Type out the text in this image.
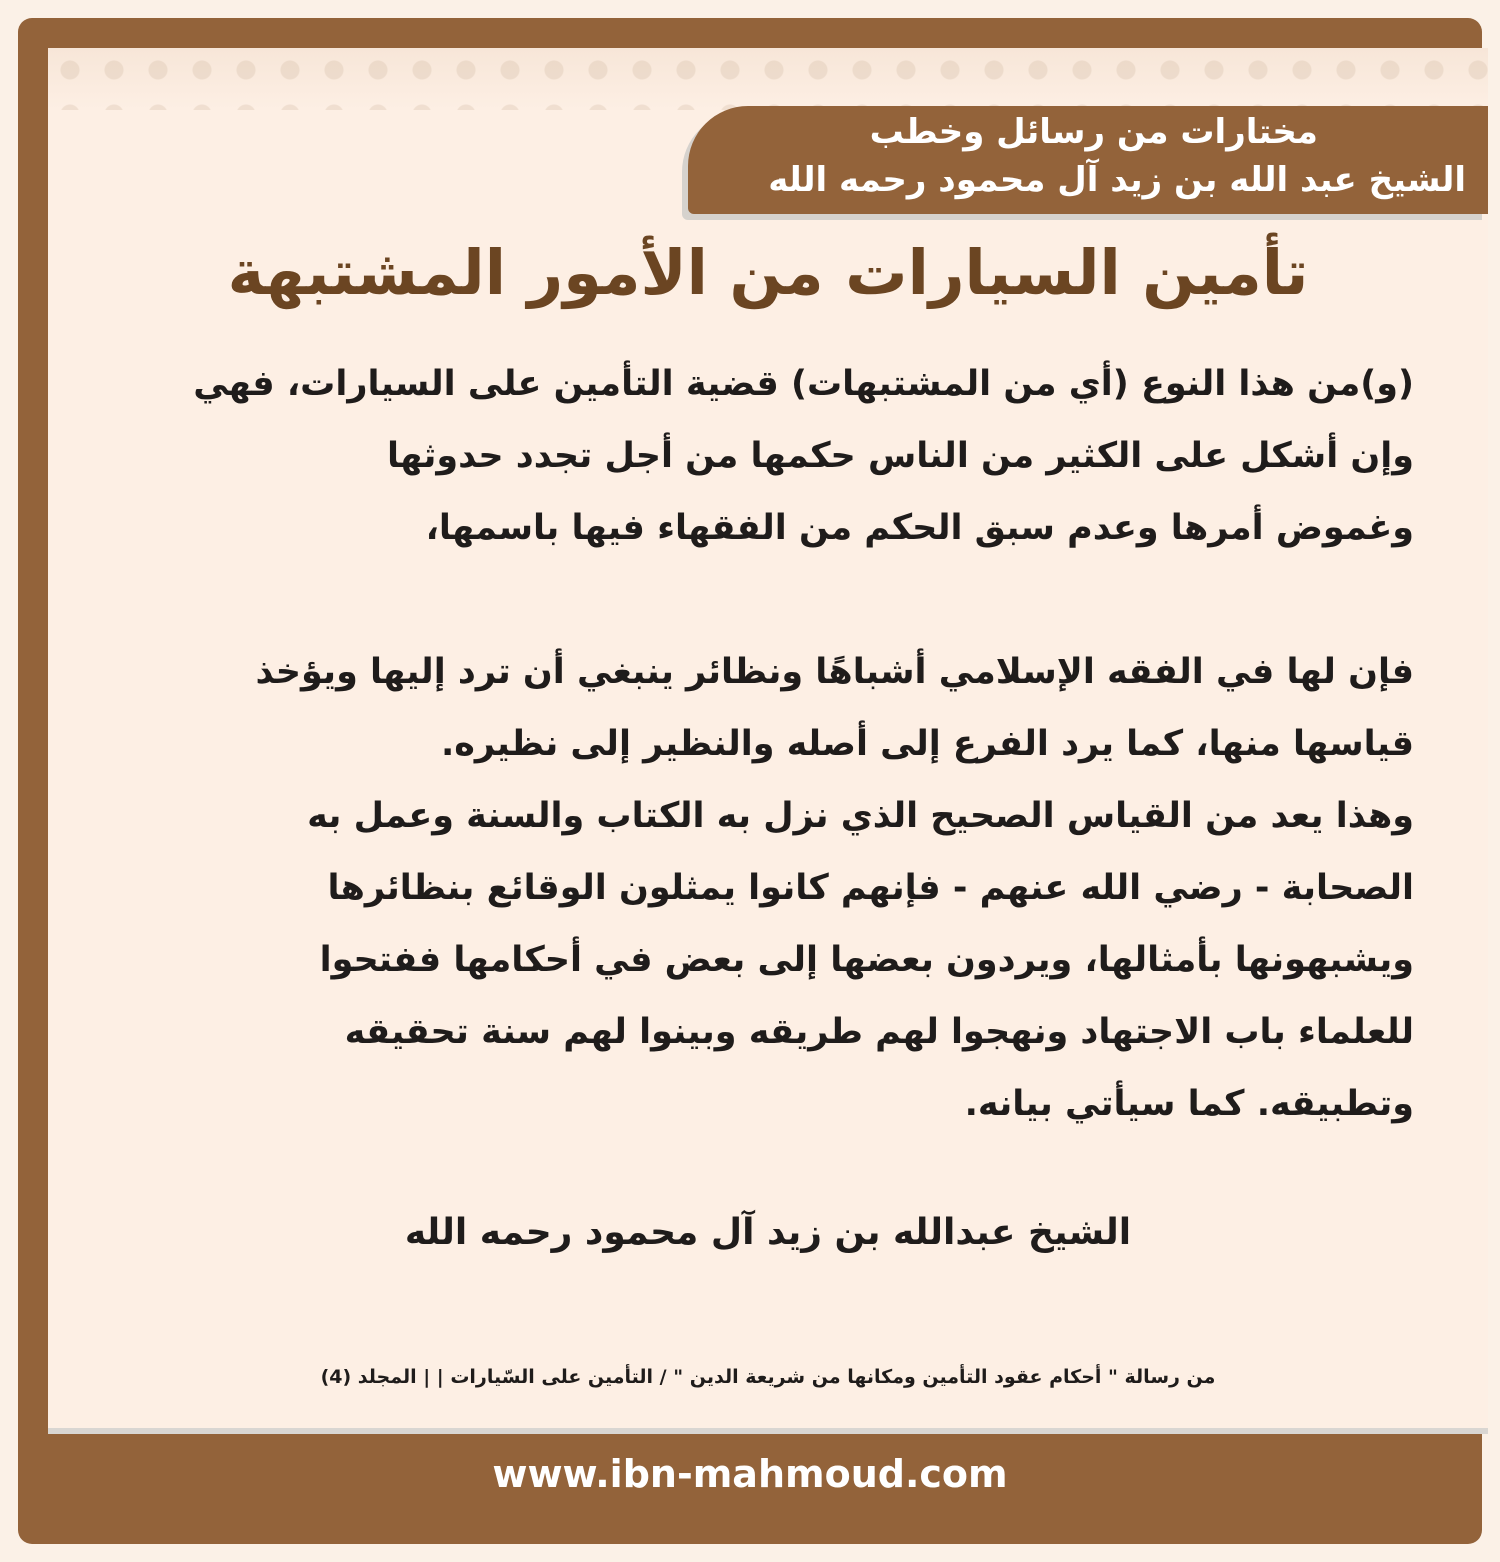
مختارات من رسائل وخطب
الشيخ عبد الله بن زيد آل محمود رحمه الله
تأمين السيارات من الأمور المشتبهة
(و)من هذا النوع (أي من المشتبهات) قضية التأمين على السيارات، فهي
وإن أشكل على الكثير من الناس حكمها من أجل تجدد حدوثها
وغموض أمرها وعدم سبق الحكم من الفقهاء فيها باسمها،
فإن لها في الفقه الإسلامي أشباهًا ونظائر ينبغي أن ترد إليها ويؤخذ
قياسها منها، كما يرد الفرع إلى أصله والنظير إلى نظيره.
وهذا يعد من القياس الصحيح الذي نزل به الكتاب والسنة وعمل به
الصحابة - رضي الله عنهم - فإنهم كانوا يمثلون الوقائع بنظائرها
ويشبهونها بأمثالها، ويردون بعضها إلى بعض في أحكامها ففتحوا
للعلماء باب الاجتهاد ونهجوا لهم طريقه وبينوا لهم سنة تحقيقه
وتطبيقه. كما سيأتي بيانه.
الشيخ عبدالله بن زيد آل محمود رحمه الله
من رسالة " أحكام عقود التأمين ومكانها من شريعة الدين " / التأمين على السّيارات | | المجلد (4)
www.ibn-mahmoud.com
